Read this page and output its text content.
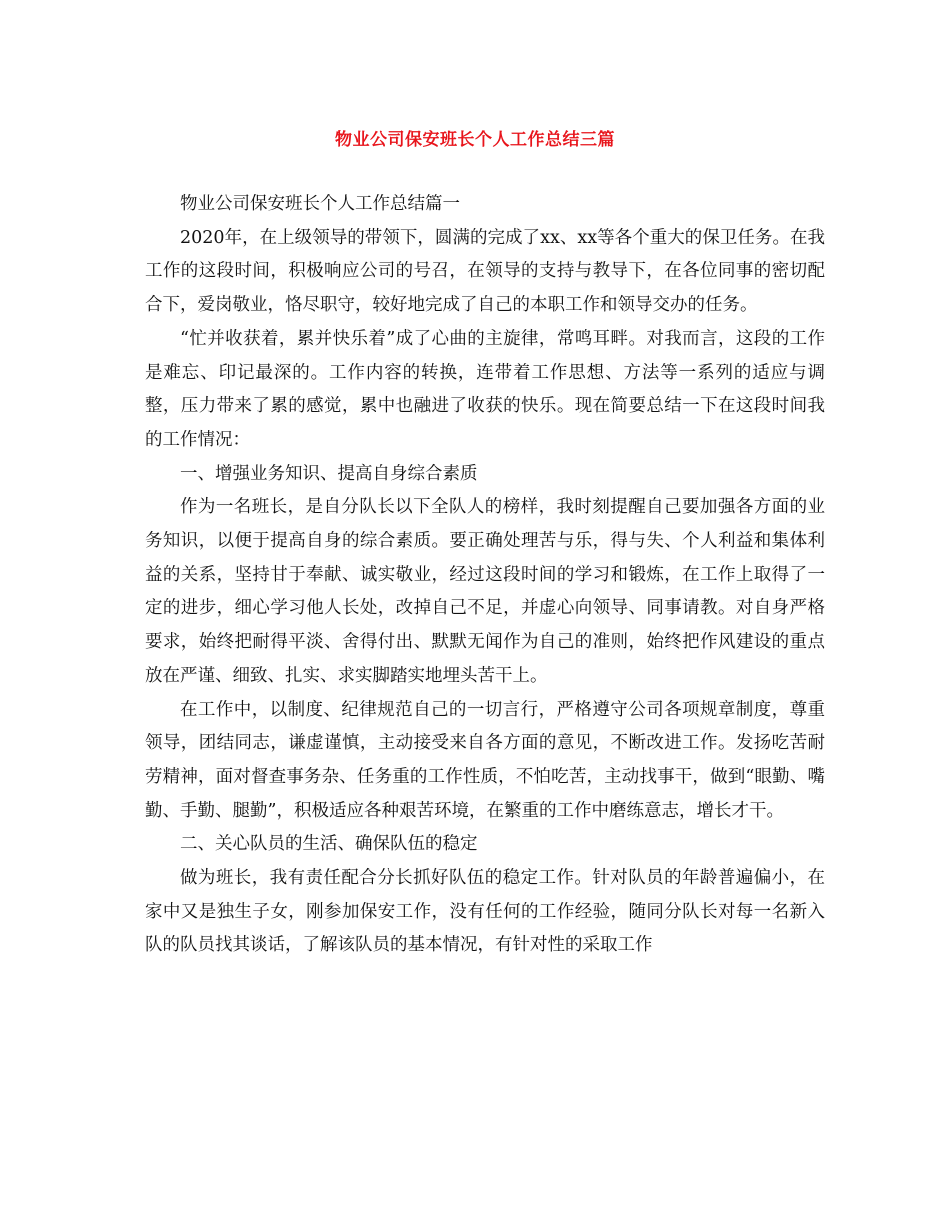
物业公司保安班长个人工作总结三篇

物业公司保安班长个人工作总结篇一

2020年，在上级领导的带领下，圆满的完成了xx、xx等各个重大的保卫任务。在我工作的这段时间，积极响应公司的号召，在领导的支持与教导下，在各位同事的密切配合下，爱岗敬业，恪尽职守，较好地完成了自己的本职工作和领导交办的任务。

“忙并收获着，累并快乐着”成了心曲的主旋律，常鸣耳畔。对我而言，这段的工作是难忘、印记最深的。工作内容的转换，连带着工作思想、方法等一系列的适应与调整，压力带来了累的感觉，累中也融进了收获的快乐。现在简要总结一下在这段时间我的工作情况：

一、增强业务知识、提高自身综合素质

作为一名班长，是自分队长以下全队人的榜样，我时刻提醒自己要加强各方面的业务知识，以便于提高自身的综合素质。要正确处理苦与乐，得与失、个人利益和集体利益的关系，坚持甘于奉献、诚实敬业，经过这段时间的学习和锻炼，在工作上取得了一定的进步，细心学习他人长处，改掉自己不足，并虚心向领导、同事请教。对自身严格要求，始终把耐得平淡、舍得付出、默默无闻作为自己的准则，始终把作风建设的重点放在严谨、细致、扎实、求实脚踏实地埋头苦干上。

在工作中，以制度、纪律规范自己的一切言行，严格遵守公司各项规章制度，尊重领导，团结同志，谦虚谨慎，主动接受来自各方面的意见，不断改进工作。发扬吃苦耐劳精神，面对督查事务杂、任务重的工作性质，不怕吃苦，主动找事干，做到“眼勤、嘴勤、手勤、腿勤”，积极适应各种艰苦环境，在繁重的工作中磨练意志，增长才干。

二、关心队员的生活、确保队伍的稳定

做为班长，我有责任配合分长抓好队伍的稳定工作。针对队员的年龄普遍偏小，在家中又是独生子女，刚参加保安工作，没有任何的工作经验，随同分队长对每一名新入队的队员找其谈话，了解该队员的基本情况，有针对性的采取工作
